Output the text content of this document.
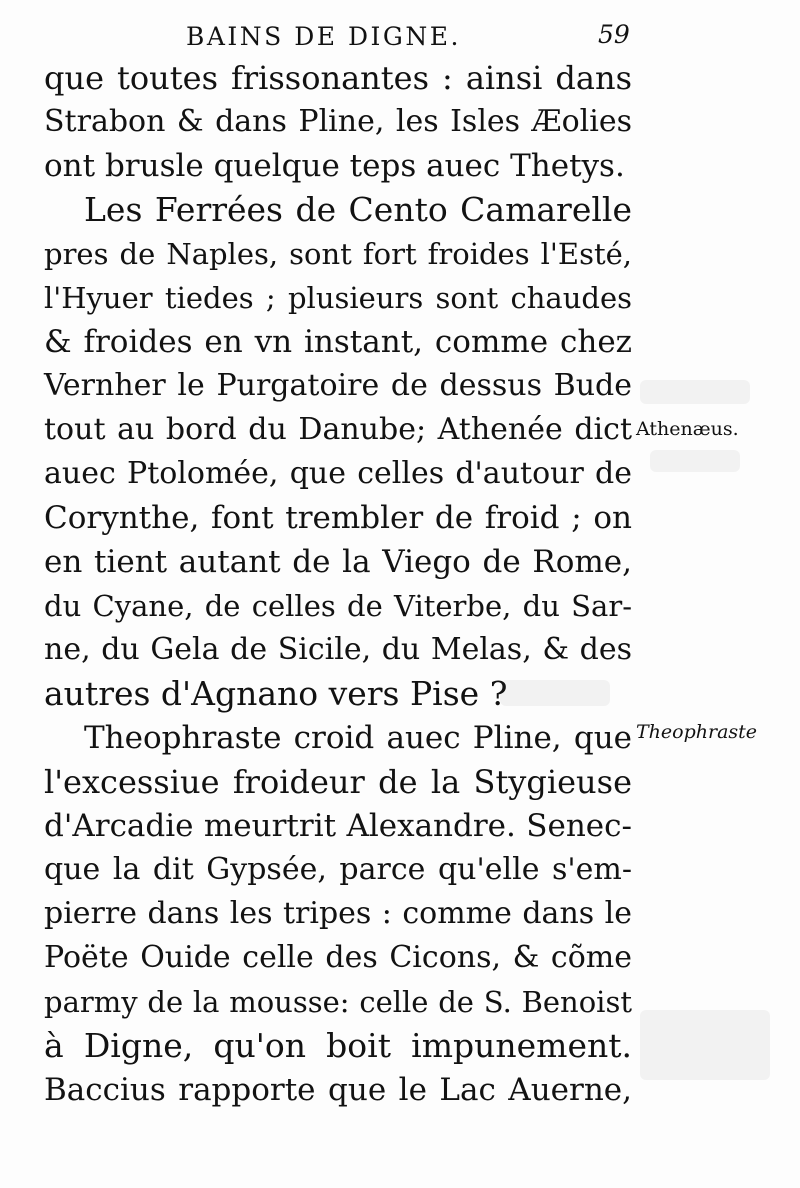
BAINS DE DIGNE.	59
que toutes frissonantes : ainsi dans
Strabon & dans Pline, les Isles Æolies
ont brusle quelque teps auec Thetys.
Les Ferrées de Cento Camarelle
pres de Naples, sont fort froides l'Esté,
l'Hyuer tiedes ; plusieurs sont chaudes
& froides en vn instant, comme chez
Vernher le Purgatoire de dessus Bude
tout au bord du Danube; Athenée dict
auec Ptolomée, que celles d'autour de
Corynthe, font trembler de froid ; on
en tient autant de la Viego de Rome,
du Cyane, de celles de Viterbe, du Sar-
ne, du Gela de Sicile, du Melas, & des
autres d'Agnano vers Pise ?
Theophraste croid auec Pline, que
l'excessiue froideur de la Stygieuse
d'Arcadie meurtrit Alexandre. Senec-
que la dit Gypsée, parce qu'elle s'em-
pierre dans les tripes : comme dans le
Poëte Ouide celle des Cicons, & cõme
parmy de la mousse: celle de S. Benoist
à Digne, qu'on boit impunement.
Baccius rapporte que le Lac Auerne,
Athenæus.
Theophraste
